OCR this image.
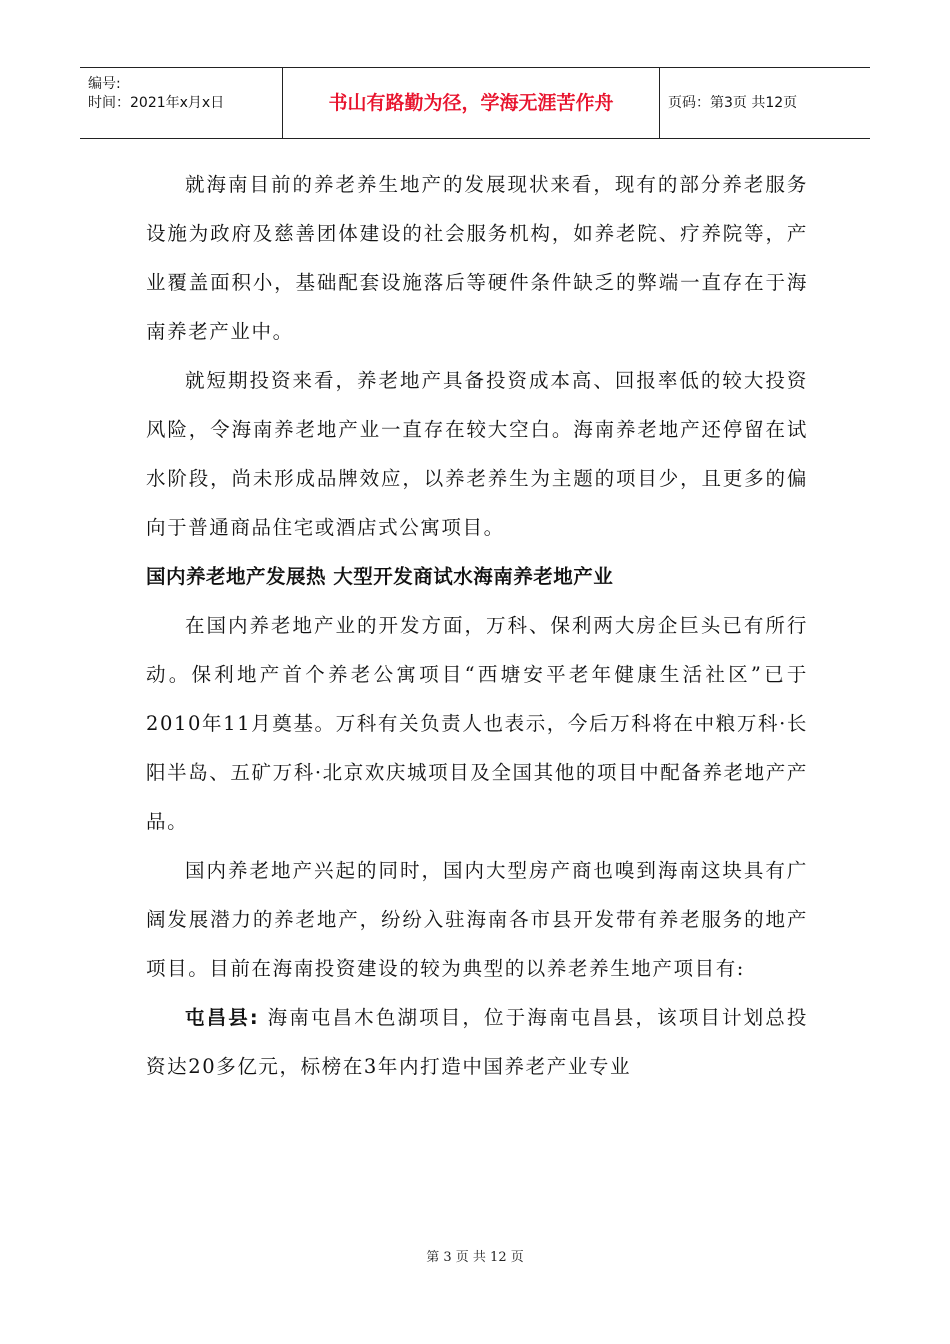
编号:
时间：2021年x月x日	书山有路勤为径，学海无涯苦作舟	页码：第3页 共12页

就海南目前的养老养生地产的发展现状来看，现有的部分养老服务设施为政府及慈善团体建设的社会服务机构，如养老院、疗养院等，产业覆盖面积小，基础配套设施落后等硬件条件缺乏的弊端一直存在于海南养老产业中。

就短期投资来看，养老地产具备投资成本高、回报率低的较大投资风险，令海南养老地产业一直存在较大空白。海南养老地产还停留在试水阶段，尚未形成品牌效应，以养老养生为主题的项目少，且更多的偏向于普通商品住宅或酒店式公寓项目。

国内养老地产发展热 大型开发商试水海南养老地产业

在国内养老地产业的开发方面，万科、保利两大房企巨头已有所行动。保利地产首个养老公寓项目“西塘安平老年健康生活社区”已于2010年11月奠基。万科有关负责人也表示，今后万科将在中粮万科·长阳半岛、五矿万科·北京欢庆城项目及全国其他的项目中配备养老地产产品。

国内养老地产兴起的同时，国内大型房产商也嗅到海南这块具有广阔发展潜力的养老地产，纷纷入驻海南各市县开发带有养老服务的地产项目。目前在海南投资建设的较为典型的以养老养生地产项目有:

屯昌县: 海南屯昌木色湖项目，位于海南屯昌县，该项目计划总投资达20多亿元，标榜在3年内打造中国养老产业专业

第 3 页 共 12 页
